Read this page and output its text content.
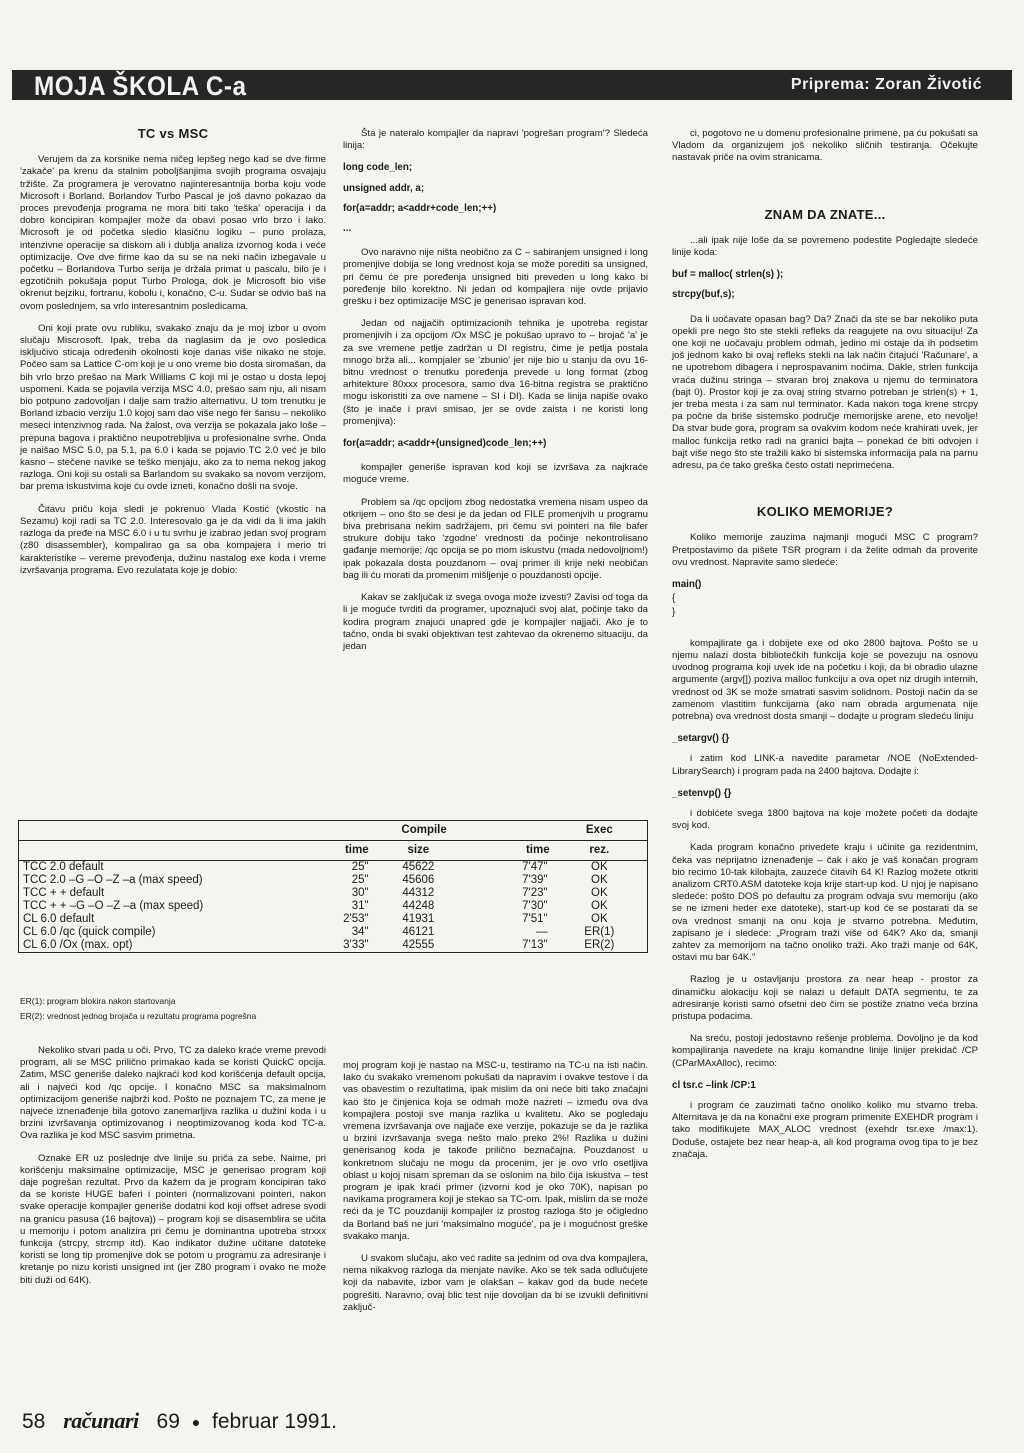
MOJA ŠKOLA C-a	Priprema: Zoran Životić
TC vs MSC

Verujem da za korsnike nema ničeg lepšeg nego kad se dve firme 'zakače' pa krenu da stalnim poboljšanjima svojih programa osvajaju tržište. Za programera je verovatno najinteresantnija borba koju vode Microsoft i Borland. Borlandov Turbo Pascal je još davno pokazao da proces prevođenja programa ne mora biti tako 'teška' operacija i da dobro koncipiran kompajler može da obavi posao vrlo brzo i lako. Microsoft je od početka sledio klasičnu logiku – puno prolaza, intenzivne operacije sa diskom ali i dublja analiza izvornog koda i veće optimizacije. Ove dve firme kao da su se na neki način izbegavale u početku – Borlandova Turbo serija je držala primat u pascalu, bilo je i egzotičnih pokušaja poput Turbo Prologa, dok je Microsoft bio više okrenut bejziku, fortranu, kobolu i, konačno, C-u. Sudar se odvio baš na ovom poslednjem, sa vrlo interesantnim posledicama.

Oni koji prate ovu rubliku, svakako znaju da je moj izbor u ovom slučaju Miscrosoft. Ipak, treba da naglasim da je ovo posledica isključivo sticaja određenih okolnosti koje danas više nikako ne stoje. Počeo sam sa Lattice C-om koji je u ono vreme bio dosta siromašan, da bih vrlo brzo prešao na Mark Williams C koji mi je ostao u dosta lepoj uspomeni. Kada se pojavila verzija MSC 4.0, prešao sam nju, ali nisam bio potpuno zadovoljan i dalje sam tražio alternativu. U tom trenutku je Borland izbacio verziju 1.0 kojoj sam dao više nego fer šansu – nekoliko meseci intenzivnog rada. Na žalost, ova verzija se pokazala jako loše – prepuna bagova i praktično neupotrebljiva u profesionalne svrhe. Onda je naišao MSC 5.0, pa 5.1, pa 6.0 i kada se pojavio TC 2.0 već je bilo kasno – stečene navike se teško menjaju, ako za to nema nekog jakog razloga. Oni koji su ostali sa Barlandom su svakako sa novom verzijom, bar prema iskustvima koje ću ovde izneti, konačno došli na svoje.

Čitavu priču koja sledi je pokrenuo Vlada Kostić (vkostic na Sezamu) koji radi sa TC 2.0. Interesovalo ga je da vidi da li ima jakih razloga da pređe na MSC 6.0 i u tu svrhu je izabrao jedan svoj program (z80 disassembler), kompalirao ga sa oba kompajera i merio tri karakteristike – vereme prevođenja, dužinu nastalog exe koda i vreme izvršavanja programa. Evo rezulatata koje je dobio:

Šta je nateralo kompajler da napravi 'pogrešan program'? Sledeća linija:

long code_len;
unsigned addr, a;
for(a=addr; a<addr+code_len;++)
...

Ovo naravno nije ništa neobično za C – sabiranjem unsigned i long promenjive dobija se long vrednost koja se može porediti sa unsigned, pri čemu će pre poređenja unsigned biti preveden u long kako bi poređenje bilo korektno. Ni jedan od kompajlera nije ovde prijavio grešku i bez optimizacije MSC je generisao ispravan kod.

Jedan od najjačih optimizacionih tehnika je upotreba registar promenjivih i za opcijom /Ox MSC je pokušao upravo to – brojač 'a' je za sve vremene petlje zadržan u DI registru, čime je petlja postala mnogo brža ali... kompjaler se 'zbunio' jer nije bio u stanju da ovu 16-bitnu vrednost o trenutku poređenja prevede u long format (zbog arhitekture 80xxx procesora, samo dva 16-bitna registra se praktično mogu iskoristiti za ove namene – SI i DI). Kada se linija napiše ovako (što je inače i pravi smisao, jer se ovde zaista i ne koristi long promenjiva):

for(a=addr; a<addr+(unsigned)code_len;++)

kompajler generiše ispravan kod koji se izvršava za najkraće moguće vreme.

Problem sa /qc opcijom zbog nedostatka vremena nisam uspeo da otkrijem – ono što se desi je da jedan od FILE promenjvih u programu biva prebrisana nekim sadržajem, pri čemu svi pointeri na file bafer strukure dobiju tako 'zgodne' vrednosti da počinje nekontrolisano gađanje memorije; /qc opcija se po mom iskustvu (mada nedovoljnom!) ipak pokazala dosta pouzdanom – ovaj primer ili krije neki neobičan bag ili ću morati da promenim mišljenje o pouzdanosti opcije.

Kakav se zaključak iz svega ovoga može izvesti? Zavisi od toga da li je moguće tvrditi da programer, upoznajući svoj alat, počinje tako da kodira program znajući unapred gde je kompajler najjači. Ako je to tačno, onda bi svaki objektivan test zahtevao da okrenemo situaciju, da jedan

ci, pogotovo ne u domenu profesionalne primene, pa ću pokušati sa Vladom da organizujem još nekoliko sličnih testiranja. Očekujte nastavak priče na ovim stranicama.

ZNAM DA ZNATE...

...ali ipak nije loše da se povremeno podestite Pogledajte sledeće linije koda:

buf = malloc( strlen(s) );
strcpy(buf,s);

Da li uočavate opasan bag? Da? Znači da ste se bar nekoliko puta opekli pre nego što ste stekli refleks da reagujete na ovu situaciju! Za one koji ne uočavaju problem odmah, jedino mi ostaje da ih podsetim još jednom kako bi ovaj refleks stekli na lak način čitajući 'Računare', a ne upotrebom dibagera i neprospavanim noćima. Dakle, strlen funkcija vraća dužinu stringa – stvaran broj znakova u njemu do terminatora (bajt 0). Prostor koji je za ovaj string stvarno potreban je strlen(s) + 1, jer treba mesta i za sam nul terminator. Kada nakon toga krene strcpy pa počne da briše sistemsko područje memorijske arene, eto nevolje! Da stvar bude gora, program sa ovakvim kodom neće krahirati uvek, jer malloc funkcija retko radi na granici bajta – ponekad će biti odvojen i bajt više nego što ste tražili kako bi sistemska informacija pala na parnu adresu, pa će tako greška često ostati neprimećena.

KOLIKO MEMORIJE?

Koliko memorije zauzima najmanji mogući MSC C program? Pretpostavimo da pišete TSR program i da želite odmah da proverite ovu vrednost. Napravite samo sledeće:

main()
{
}

kompajlirate ga i dobijete exe od oko 2800 bajtova. Pošto se u njemu nalazi dosta bibliotečkih funkcija koje se povezuju na osnovu uvodnog programa koji uvek ide na početku i koji, da bi obradio ulazne argumente (argv[]) poziva malloc funkciju a ova opet niz drugih internih, vrednost od 3K se može smatrati sasvim solidnom. Postoji način da se zamenom vlastitim funkcijama (ako nam obrada argumenata nije potrebna) ova vrednost dosta smanji – dodajte u program sledeću liniju

_setargv() {}

i zatim kod LINK-a navedite parametar /NOE (NoExtended-LibrarySearch) i program pada na 2400 bajtova. Dodajte i:

_setenvp() {}

i dobićete svega 1800 bajtova na koje možete početi da dodajte svoj kod.

Kada program konačno privedete kraju i učinite ga rezidentnim, čeka vas neprijatno iznenađenje – čak i ako je vaš konačan program bio recimo 10-tak kilobajta, zauzeće čitavih 64 K! Razlog možete otkriti analizom CRT0.ASM datoteke koja krije start-up kod. U njoj je napisano sledeće: pošto DOS po defaultu za program odvaja svu memoriju (ako se ne izmeni heder exe datoteke), start-up kod će se postarati da se ova vrednost smanji na onu koja je stvarno potrebna. Međutim, zapisano je i sledeće: „Program traži više od 64K? Ako da, smanji zahtev za memorijom na tačno onoliko traži. Ako traži manje od 64K, ostavi mu bar 64K."

Razlog je u ostavljanju prostora za near heap - prostor za dinamičku alokaciju koji se nalazi u default DATA segmentu, te za adresiranje koristi samo ofsetni deo čim se postiže znatno veća brzina pristupa podacima.

Na sreću, postoji jedostavno rešenje problema. Dovoljno je da kod kompajliranja navedete na kraju komandne linije linijer prekidač /CP (CParMAxAlloc), recimo:

cl tsr.c –link /CP:1

i program će zauzimati tačno onoliko koliko mu stvarno treba. Alternitava je da na konačni exe program primenite EXEHDR program i tako modifikujete MAX_ALOC vrednost (exehdr tsr.exe /max:1). Doduše, ostajete bez near heap-a, ali kod programa ovog tipa to je bez značaja.

	Compile			Exec
	time	size	time	rez.
TCC 2.0 default	25"	45622	7'47"	OK
TCC 2.0 –G –O –Z –a (max speed)	25"	45606	7'39"	OK
TCC + + default	30"	44312	7'23"	OK
TCC + + –G –O –Z –a (max speed)	31"	44248	7'30"	OK
CL 6.0 default	2'53"	41931	7'51"	OK
CL 6.0 /qc (quick compile)	34"	46121	—	ER(1)
CL 6.0 /Ox (max. opt)	3'33"	42555	7'13"	ER(2)
ER(1): program blokira nakon startovanja
ER(2): vrednost jednog brojača u rezultatu programa pogrešna

Nekoliko stvari pada u oči. Prvo, TC za daleko kraće vreme prevodi program, ali se MSC prilično primakao kada se koristi QuickC opcija. Zatim, MSC generiše daleko najkraći kod kod korišćenja default opcija, ali i najveći kod /qc opcije. I konačno MSC sa maksimalnom optimizacijom generiše najbrži kod. Pošto ne poznajem TC, za mene je najveće iznenađenje bila gotovo zanemarljiva razlika u dužini koda i u brzini izvršavanja optimizovanog i neoptimizovanog koda kod TC-a. Ova razlika je kod MSC sasvim primetna.

Oznake ER uz poslednje dve linije su priča za sebe. Naime, pri korišćenju maksimalne optimizacije, MSC je generisao program koji daje pogrešan rezultat. Prvo da kažem da je program koncipiran tako da se koriste HUGE baferi i pointeri (normalizovani pointeri, nakon svake operacije kompajler generiše dodatni kod koji offset adrese svodi na granicu pasusa (16 bajtova)) – program koji se disasemblira se učita u memoriju i potom analizira pri čemu je dominantna upotreba strxxx funkcija (strcpy, strcmp itd). Kao indikator dužine učitane datoteke koristi se long tip promenjive dok se potom u programu za adresiranje i kretanje po nizu koristi unsigned int (jer Z80 program i ovako ne može biti duži od 64K).

moj program koji je nastao na MSC-u, testiramo na TC-u na isti način. Iako ću svakako vremenom pokušati da napravim i ovakve testove i da vas obavestim o rezultatima, ipak mislim da oni neće biti tako značajni kao što je činjenica koja se odmah može nazreti – između ova dva kompajlera postoji sve manja razlika u kvalitetu. Ako se pogledaju vremena izvršavanja ove najjače exe verzije, pokazuje se da je razlika u brzini izvršavanja svega nešto malo preko 2%! Razlika u dužini generisanog koda je takođe prilično beznačajna. Pouzdanost u konkretnom slučaju ne mogu da procenim, jer je ovo vrlo osetljiva oblast u kojoj nisam spreman da se oslonim na bilo čija iskustva – test program je ipak kraći primer (izvorni kod je oko 70K), napisan po navikama programera koji je stekao sa TC-om. Ipak, mislim da se može reći da je TC pouzdaniji kompajler iz prostog razloga što je očigledno da Borland baš ne juri 'maksimalno moguće', pa je i mogućnost greške svakako manja.

U svakom slučaju, ako već radite sa jednim od ova dva kompajlera, nema nikakvog razloga da menjate navike. Ako se tek sada odlučujete koji da nabavite, izbor vam je olakšan – kakav god da bude nećete pogrešiti. Naravno, ovaj blic test nije dovoljan da bi se izvukli definitivni zaključ-

58 računari 69 ● februar 1991.
